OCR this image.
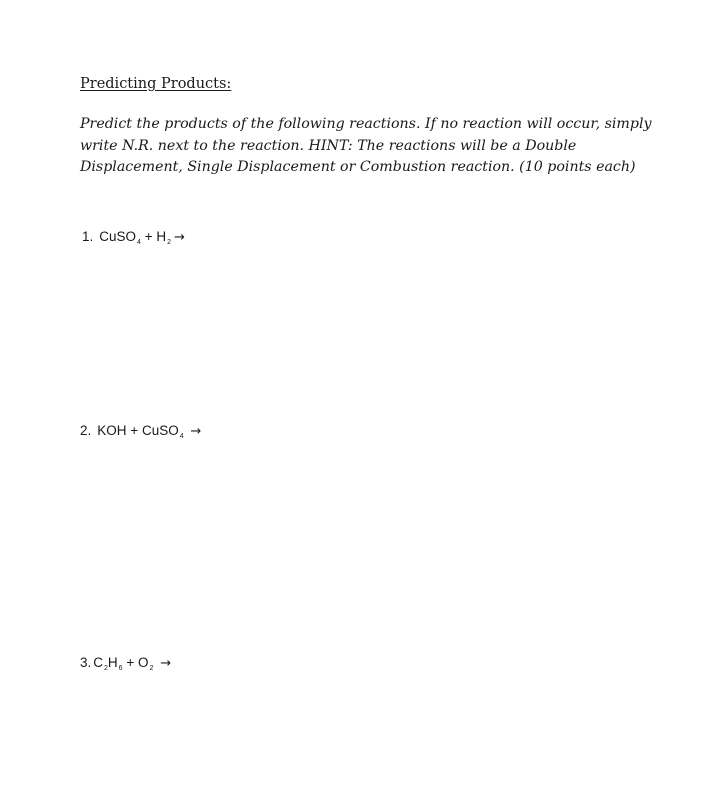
Predicting Products:
Predict the products of the following reactions. If no reaction will occur, simply write N.R. next to the reaction. HINT: The reactions will be a Double Displacement, Single Displacement or Combustion reaction. (10 points each)
1. CuSO$_4$ + $H_2$ →
2. KOH + CuSO$_4$ →
3. $C_2H_6 + O_2$ →
